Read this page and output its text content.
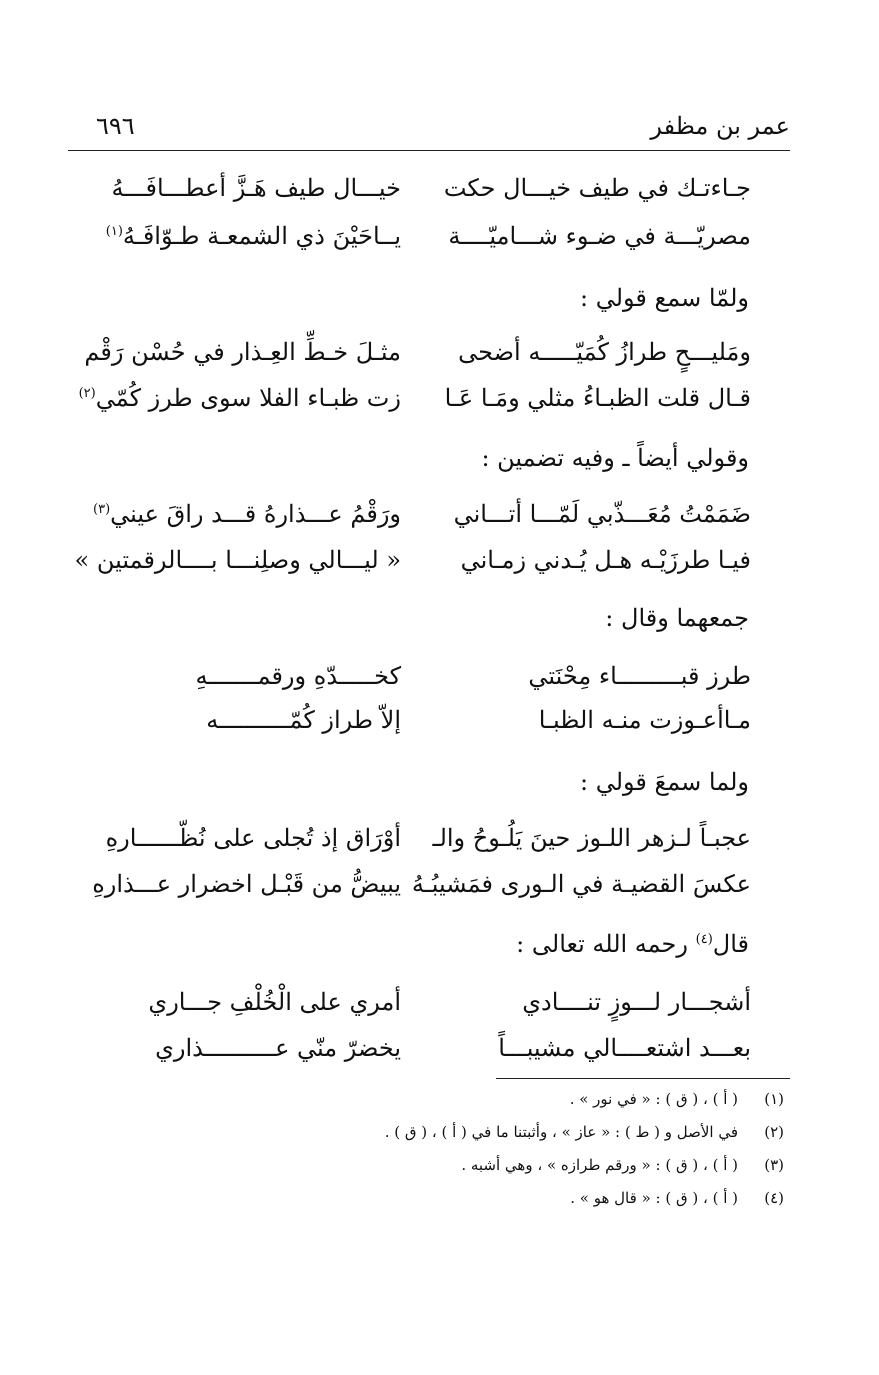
عمر بن مظفر
٦٩٦
جـاءتـك في طيف خيـــال حكت
خيـــال طيف هَـزَّ أعطـــافَـــهُ
مصريّـــة في ضـوء شـــاميّــــة
يــاحَيْنَ ذي الشمعـة طـوّافَـهُ$^{(١)}$
ولمّا سمع قولي :
ومَليـــحٍ طرازُ كُمَيّـــــه أضحى
مثـلَ خـطِّ العِـذار في حُسْن رَقْم
قـال قلت الظبـاءُ مثلي ومَـا عَـا
زت ظبـاء الفلا سوى طرز كُمّي$^{(٢)}$
وقولي أيضاً ـ وفيه تضمين :
ضَمَمْتُ مُعَـــذّبي لَمّـــا أتـــاني
ورَقْمُ عـــذارهُ قـــد راقَ عيني$^{(٣)}$
فيـا طرزَيْـه هـل يُـدني زمـاني
« ليـــالي وصلِنـــا بــــالرقمتين »
جمعهما وقال :
طرز قبـــــــــاء مِحْنَتي
كخـــــدّهِ ورقمـــــــهِ
مـاأعـوزت منـه الظبـا
إلاّ طراز كُمّــــــــــه
ولما سمعَ قولي :
عجبـاً لـزهر اللـوز حينَ يَلُـوحُ والـ
أوْرَاق إذ تُجلى على نُظّــــــارهِ
عكسَ القضيـة في الـورى فمَشيبُـهُ
يبيضُّ من قَبْـل اخضرار عـــذارهِ
قال$^{(٤)}$ رحمه الله تعالى :
أشجـــار لـــوزٍ تنــــادي
أمري على الْخُلْفِ جـــاري
بعـــد اشتعــــالي مشيبـــاً
يخضرّ منّي عــــــــــذاري
(١)( أ ) ، ( ق ) : « في نور » .
(٢)في الأصل و ( ط ) : « عاز » ، وأثبتنا ما في ( أ ) ، ( ق ) .
(٣)( أ ) ، ( ق ) : « ورقم طرازه » ، وهي أشبه .
(٤)( أ ) ، ( ق ) : « قال هو » .
